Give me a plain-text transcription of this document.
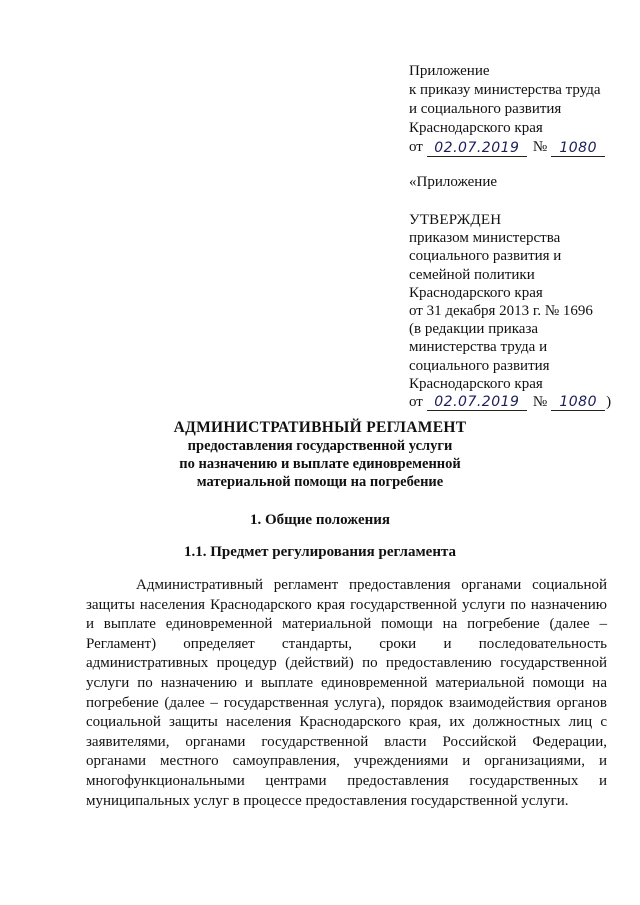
Приложение
к приказу министерства труда
и социального развития
Краснодарского края
от 02.07.2019 № 1080
«Приложение
УТВЕРЖДЕН
приказом министерства
социального развития и
семейной политики
Краснодарского края
от 31 декабря 2013 г. № 1696
(в редакции приказа
министерства труда и
социального развития
Краснодарского края
от 02.07.2019 № 1080 )
АДМИНИСТРАТИВНЫЙ РЕГЛАМЕНТ
предоставления государственной услуги
по назначению и выплате единовременной
материальной помощи на погребение
1. Общие положения
1.1. Предмет регулирования регламента

Административный регламент предоставления органами социальной защиты населения Краснодарского края государственной услуги по назначению и выплате единовременной материальной помощи на погребение (далее – Регламент) определяет стандарты, сроки и последовательность административных процедур (действий) по предоставлению государственной услуги по назначению и выплате единовременной материальной помощи на погребение (далее – государственная услуга), порядок взаимодействия органов социальной защиты населения Краснодарского края, их должностных лиц с заявителями, органами государственной власти Российской Федерации, органами местного самоуправления, учреждениями и организациями, и многофункциональными центрами предоставления государственных и муниципальных услуг в процессе предоставления государственной услуги.
